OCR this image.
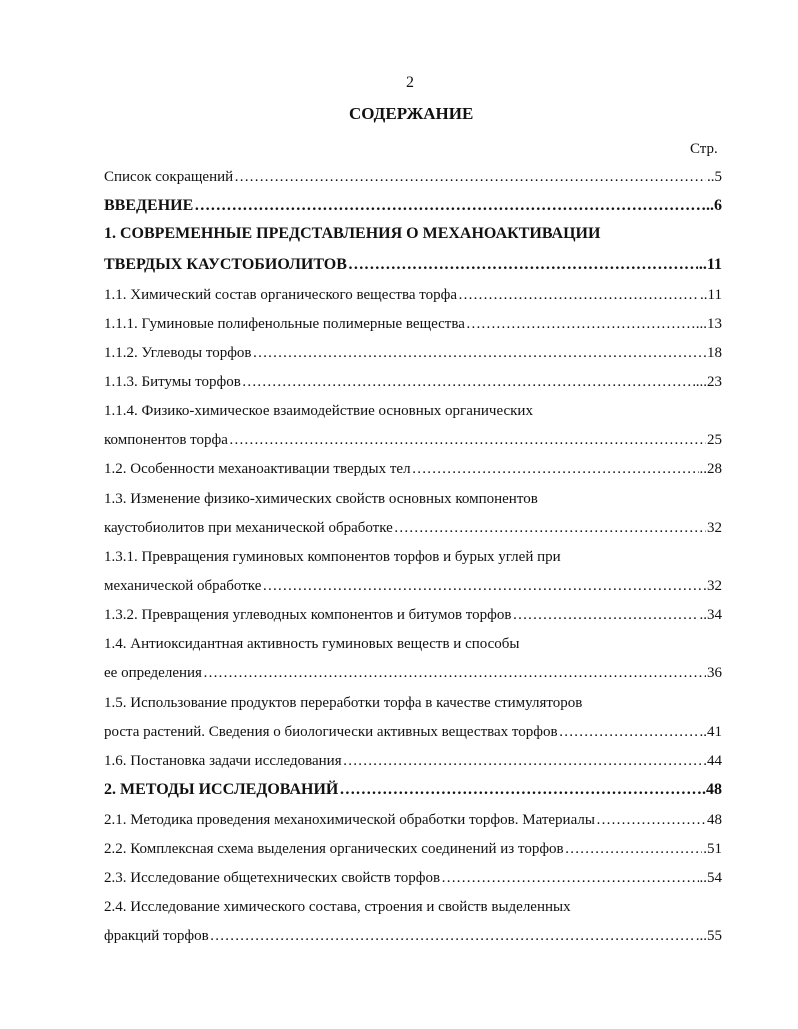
2
СОДЕРЖАНИЕ
Стр.
Список сокращений ……………………………………………………………………………………………………………………………………………………………………………	..5
ВВЕДЕНИЕ ……………………………………………………………………………………………………………………………………………………………………………	..6
1. СОВРЕМЕННЫЕ ПРЕДСТАВЛЕНИЯ О МЕХАНОАКТИВАЦИИ
ТВЕРДЫХ КАУСТОБИОЛИТОВ ……………………………………………………………………………………………………………………………………………………………………………	..11
1.1. Химический состав органического вещества торфа ……………………………………………………………………………………………………………………………………………………………………………	..11
1.1.1. Гуминовые полифенольные полимерные вещества ……………………………………………………………………………………………………………………………………………………………………………	...13
1.1.2. Углеводы торфов ……………………………………………………………………………………………………………………………………………………………………………	18
1.1.3. Битумы торфов ……………………………………………………………………………………………………………………………………………………………………………	...23
1.1.4. Физико-химическое взаимодействие основных органических
компонентов торфа ……………………………………………………………………………………………………………………………………………………………………………	25
1.2. Особенности механоактивации твердых тел ……………………………………………………………………………………………………………………………………………………………………………	..28
1.3. Изменение физико-химических свойств основных компонентов
каустобиолитов при механической обработке ……………………………………………………………………………………………………………………………………………………………………………	32
1.3.1. Превращения гуминовых компонентов торфов и бурых углей при
механической обработке ……………………………………………………………………………………………………………………………………………………………………………	32
1.3.2. Превращения углеводных компонентов и битумов торфов ……………………………………………………………………………………………………………………………………………………………………………	..34
1.4. Антиоксидантная активность гуминовых веществ и способы
ее определения ……………………………………………………………………………………………………………………………………………………………………………	36
1.5. Использование продуктов переработки торфа в качестве стимуляторов
роста растений. Сведения о биологически активных веществах торфов ……………………………………………………………………………………………………………………………………………………………………………	..41
1.6. Постановка задачи исследования ……………………………………………………………………………………………………………………………………………………………………………	.44
2. МЕТОДЫ ИССЛЕДОВАНИЙ ……………………………………………………………………………………………………………………………………………………………………………	.48
2.1. Методика проведения механохимической обработки торфов. Материалы ……………………………………………………………………………………………………………………………………………………………………………	48
2.2. Комплексная схема выделения органических соединений из торфов ……………………………………………………………………………………………………………………………………………………………………………	.51
2.3. Исследование общетехнических свойств торфов ……………………………………………………………………………………………………………………………………………………………………………	..54
2.4. Исследование химического состава, строения и свойств выделенных
фракций торфов ……………………………………………………………………………………………………………………………………………………………………………	...55
